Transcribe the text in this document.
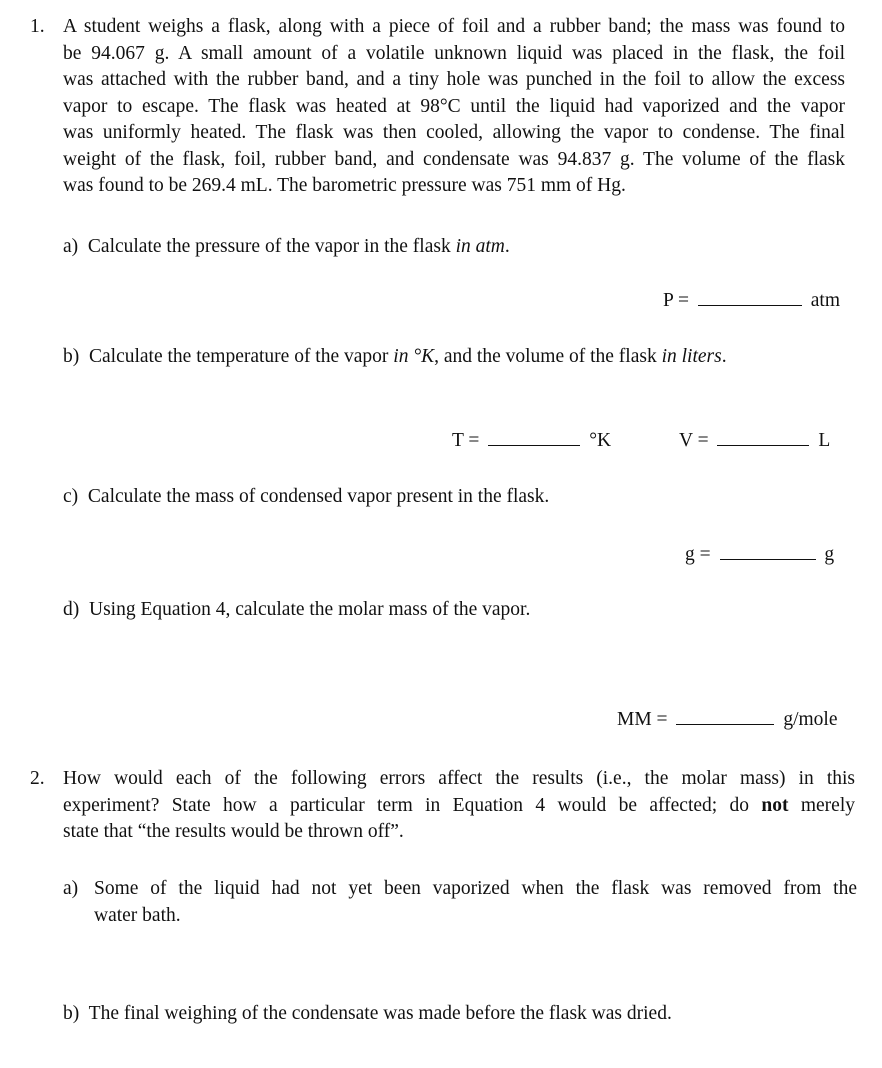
1. A student weighs a flask, along with a piece of foil and a rubber band; the mass was found to
be 94.067 g. A small amount of a volatile unknown liquid was placed in the flask, the foil
was attached with the rubber band, and a tiny hole was punched in the foil to allow the excess
vapor to escape. The flask was heated at 98°C until the liquid had vaporized and the vapor
was uniformly heated. The flask was then cooled, allowing the vapor to condense. The final
weight of the flask, foil, rubber band, and condensate was 94.837 g. The volume of the flask
was found to be 269.4 mL. The barometric pressure was 751 mm of Hg.
a) Calculate the pressure of the vapor in the flask in atm.
P =	atm
b) Calculate the temperature of the vapor in °K, and the volume of the flask in liters.
T =	°K	V =	L
c) Calculate the mass of condensed vapor present in the flask.
g =	g
d) Using Equation 4, calculate the molar mass of the vapor.
MM =	g/mole
2. How would each of the following errors affect the results (i.e., the molar mass) in this
experiment? State how a particular term in Equation 4 would be affected; do not merely
state that “the results would be thrown off”.
a) Some of the liquid had not yet been vaporized when the flask was removed from the
water bath.
b) The final weighing of the condensate was made before the flask was dried.
